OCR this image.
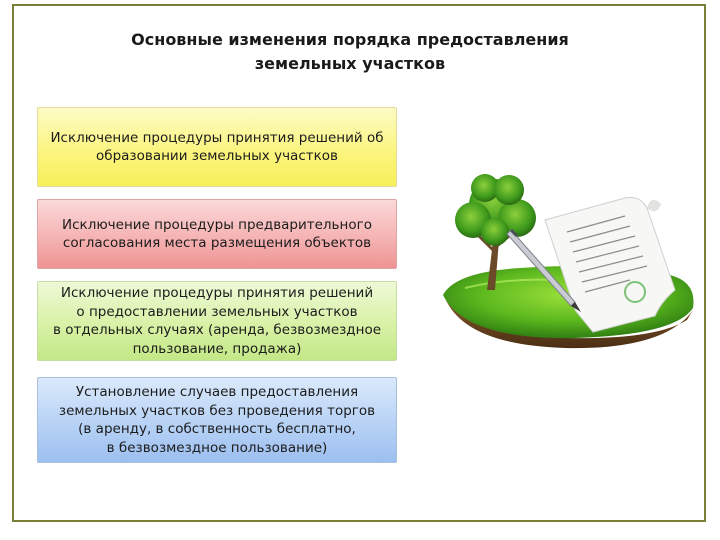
Основные изменения порядка предоставления
земельных участков
Исключение процедуры принятия решений об
образовании земельных участков
Исключение процедуры предварительного
согласования места размещения объектов
Исключение процедуры принятия решений
о предоставлении земельных участков
в отдельных случаях (аренда, безвозмездное
пользование, продажа)
Установление случаев предоставления
земельных участков без проведения торгов
(в аренду, в собственность бесплатно,
в безвозмездное пользование)
